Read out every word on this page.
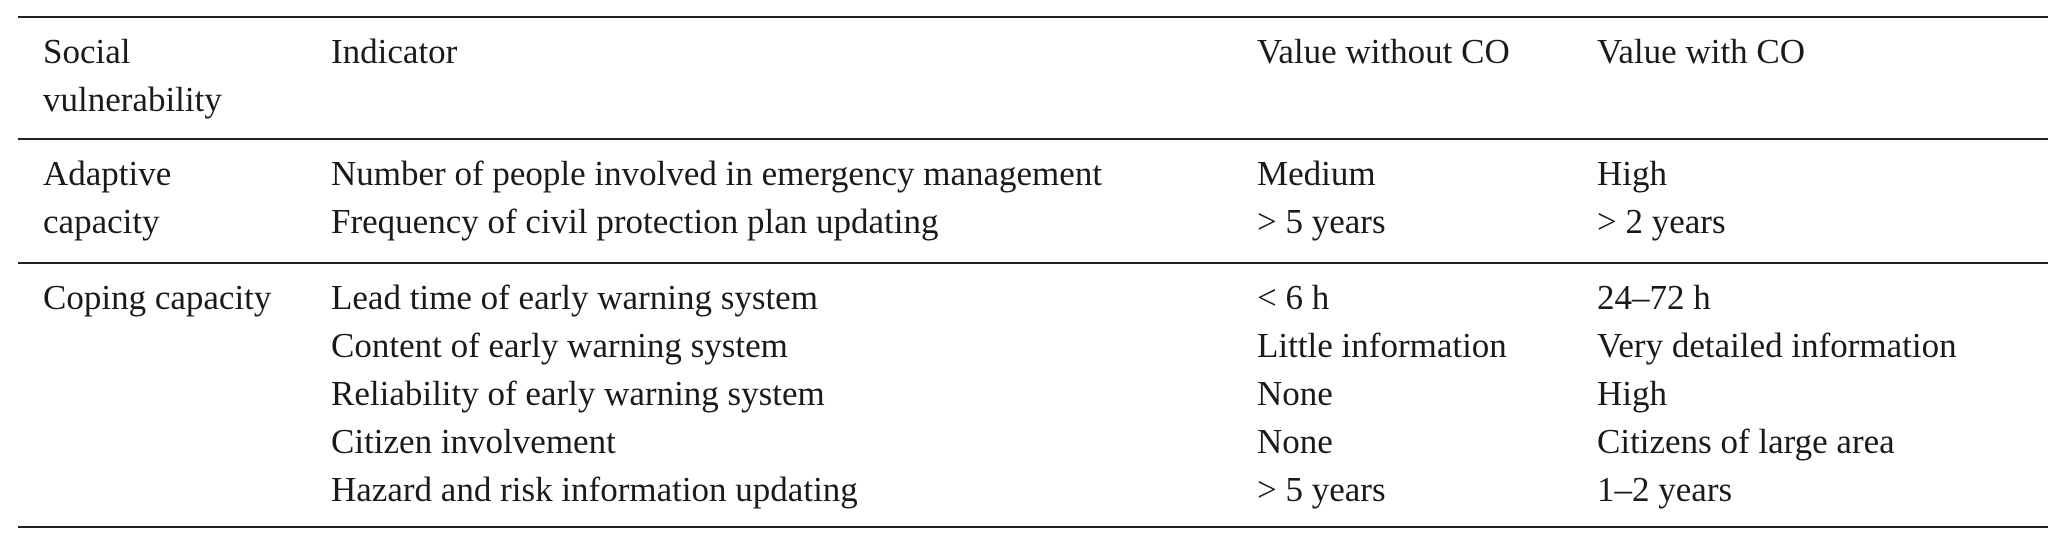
Social
vulnerability	Indicator	Value without CO	Value with CO

Adaptive
capacity	Number of people involved in emergency management	Medium	High
	Frequency of civil protection plan updating	> 5 years	> 2 years

Coping capacity	Lead time of early warning system	< 6 h	24–72 h
	Content of early warning system	Little information	Very detailed information
	Reliability of early warning system	None	High
	Citizen involvement	None	Citizens of large area
	Hazard and risk information updating	> 5 years	1–2 years
